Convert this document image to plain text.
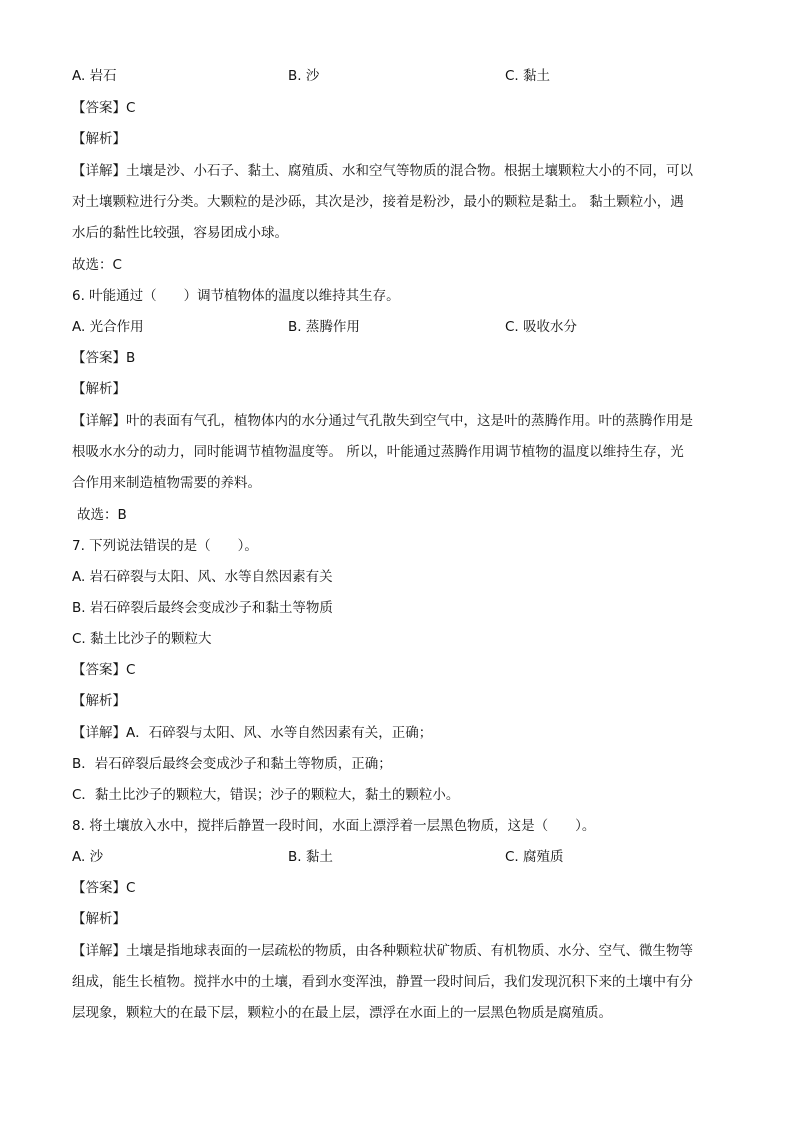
A. 岩石	B. 沙	C. 黏土
【答案】C
【解析】
【详解】土壤是沙、小石子、黏土、腐殖质、水和空气等物质的混合物。根据土壤颗粒大小的不同，可以
对土壤颗粒进行分类。大颗粒的是沙砾，其次是沙，接着是粉沙，最小的颗粒是黏土。 黏土颗粒小，遇
水后的黏性比较强，容易团成小球。
故选：C
6. 叶能通过（　　）调节植物体的温度以维持其生存。
A. 光合作用	B. 蒸腾作用	C. 吸收水分
【答案】B
【解析】
【详解】叶的表面有气孔，植物体内的水分通过气孔散失到空气中，这是叶的蒸腾作用。叶的蒸腾作用是
根吸水水分的动力，同时能调节植物温度等。 所以，叶能通过蒸腾作用调节植物的温度以维持生存，光
合作用来制造植物需要的养料。
故选：B
7. 下列说法错误的是（　　）。
A. 岩石碎裂与太阳、风、水等自然因素有关
B. 岩石碎裂后最终会变成沙子和黏土等物质
C. 黏土比沙子的颗粒大
【答案】C
【解析】
【详解】A．石碎裂与太阳、风、水等自然因素有关，正确；
B．岩石碎裂后最终会变成沙子和黏土等物质，正确；
C．黏土比沙子的颗粒大，错误；沙子的颗粒大，黏土的颗粒小。
8. 将土壤放入水中，搅拌后静置一段时间，水面上漂浮着一层黑色物质，这是（　　）。
A. 沙	B. 黏土	C. 腐殖质
【答案】C
【解析】
【详解】土壤是指地球表面的一层疏松的物质，由各种颗粒状矿物质、有机物质、水分、空气、微生物等
组成，能生长植物。搅拌水中的土壤，看到水变浑浊，静置一段时间后，我们发现沉积下来的土壤中有分
层现象，颗粒大的在最下层，颗粒小的在最上层，漂浮在水面上的一层黑色物质是腐殖质。
